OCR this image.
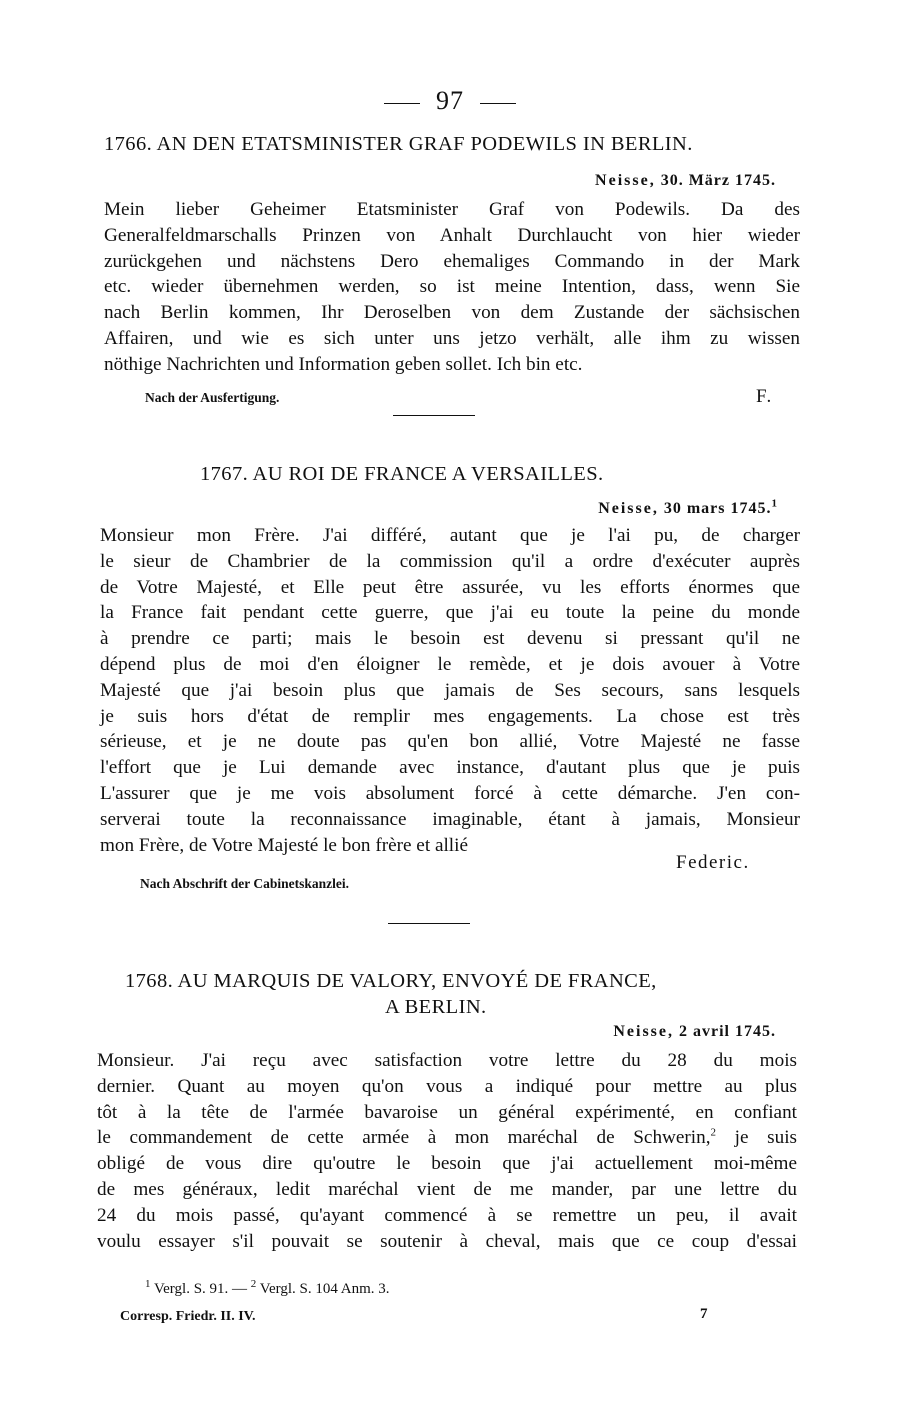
97
1766. AN DEN ETATSMINISTER GRAF PODEWILS IN BERLIN.
Neisse, 30. März 1745.
Mein lieber Geheimer Etatsminister Graf von Podewils. Da des
Generalfeldmarschalls Prinzen von Anhalt Durchlaucht von hier wieder
zurückgehen und nächstens Dero ehemaliges Commando in der Mark
etc. wieder übernehmen werden, so ist meine Intention, dass, wenn Sie
nach Berlin kommen, Ihr Deroselben von dem Zustande der sächsischen
Affairen, und wie es sich unter uns jetzo verhält, alle ihm zu wissen
nöthige Nachrichten und Information geben sollet. Ich bin etc.
Nach der Ausfertigung.	F.
1767. AU ROI DE FRANCE A VERSAILLES.
Neisse, 30 mars 1745.$^1$
Monsieur mon Frère. J'ai différé, autant que je l'ai pu, de charger
le sieur de Chambrier de la commission qu'il a ordre d'exécuter auprès
de Votre Majesté, et Elle peut être assurée, vu les efforts énormes que
la France fait pendant cette guerre, que j'ai eu toute la peine du monde
à prendre ce parti; mais le besoin est devenu si pressant qu'il ne
dépend plus de moi d'en éloigner le remède, et je dois avouer à Votre
Majesté que j'ai besoin plus que jamais de Ses secours, sans lesquels
je suis hors d'état de remplir mes engagements. La chose est très
sérieuse, et je ne doute pas qu'en bon allié, Votre Majesté ne fasse
l'effort que je Lui demande avec instance, d'autant plus que je puis
L'assurer que je me vois absolument forcé à cette démarche. J'en con-
serverai toute la reconnaissance imaginable, étant à jamais, Monsieur
mon Frère, de Votre Majesté le bon frère et allié
Federic.
Nach Abschrift der Cabinetskanzlei.
1768. AU MARQUIS DE VALORY, ENVOYÉ DE FRANCE,
A BERLIN.
Neisse, 2 avril 1745.
Monsieur. J'ai reçu avec satisfaction votre lettre du 28 du mois
dernier. Quant au moyen qu'on vous a indiqué pour mettre au plus
tôt à la tête de l'armée bavaroise un général expérimenté, en confiant
le commandement de cette armée à mon maréchal de Schwerin,$^2$ je suis
obligé de vous dire qu'outre le besoin que j'ai actuellement moi-même
de mes généraux, ledit maréchal vient de me mander, par une lettre du
24 du mois passé, qu'ayant commencé à se remettre un peu, il avait
voulu essayer s'il pouvait se soutenir à cheval, mais que ce coup d'essai
$^1$ Vergl. S. 91. — $^2$ Vergl. S. 104 Anm. 3.
Corresp. Friedr. II. IV.	7
